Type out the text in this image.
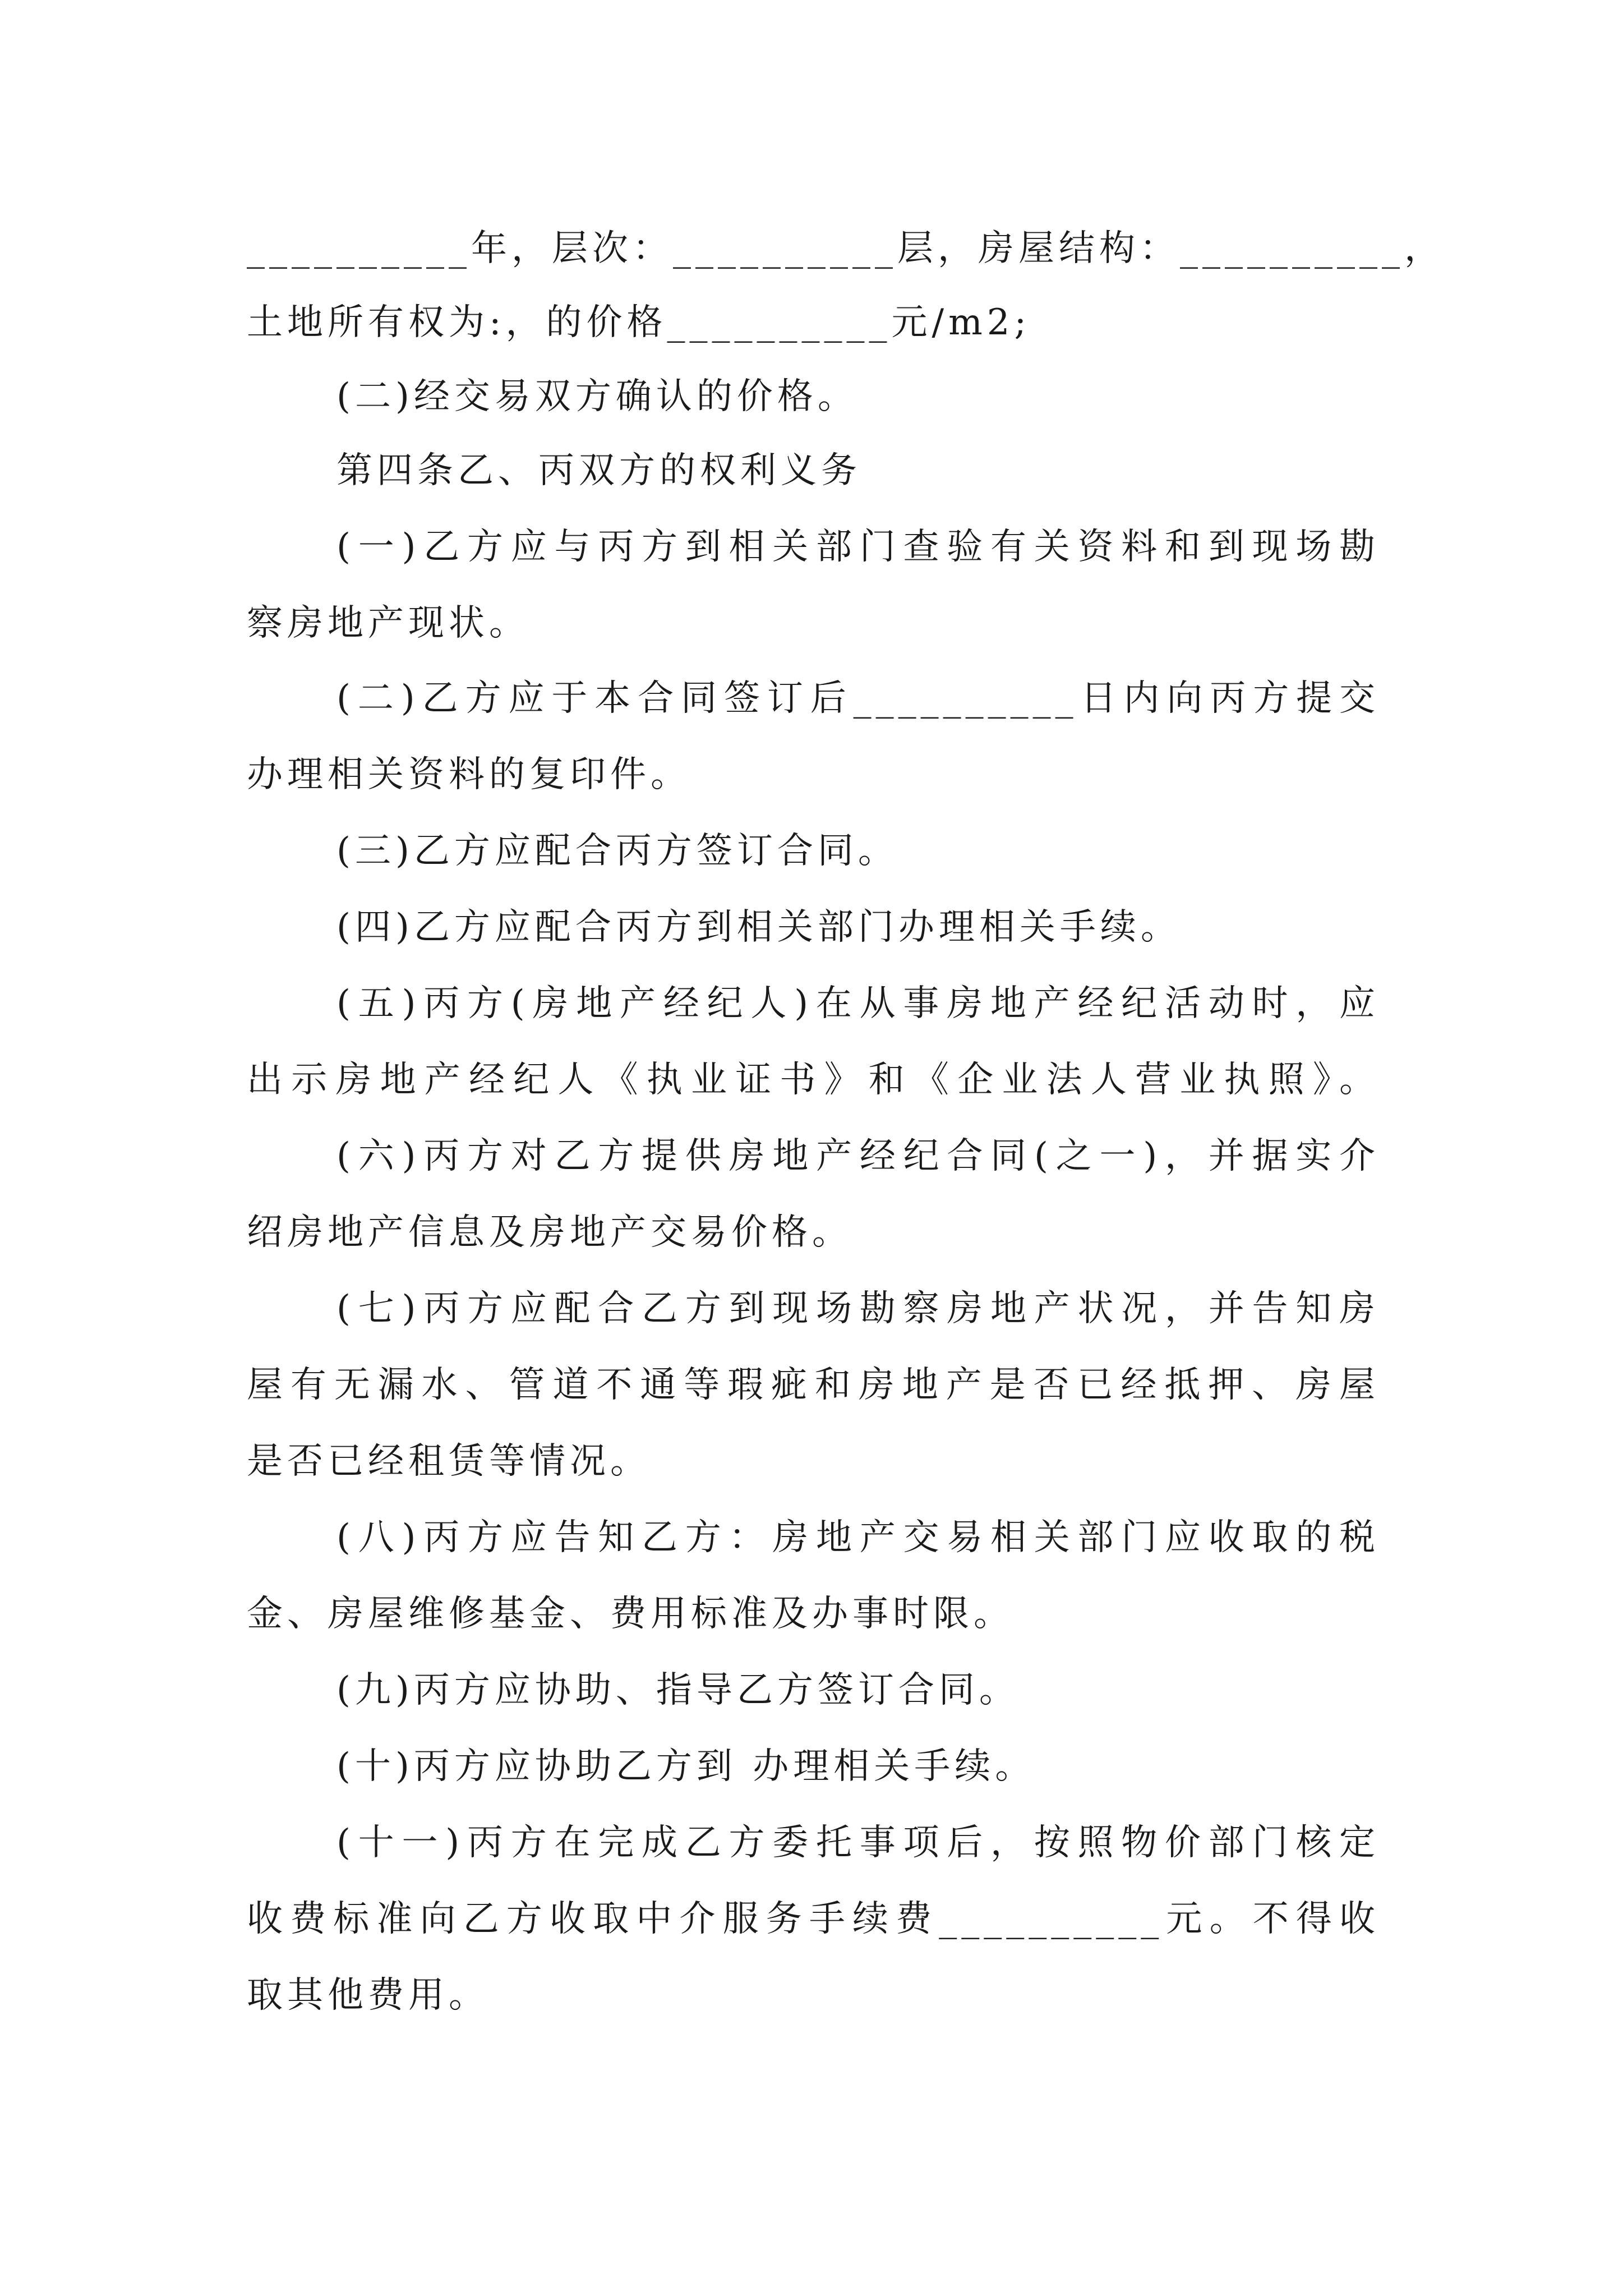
__________年，层次：__________层，房屋结构：__________，
土地所有权为:，的价格__________元/m2;
(二)经交易双方确认的价格。
第四条乙、丙双方的权利义务
(一)乙方应与丙方到相关部门查验有关资料和到现场勘
察房地产现状。
(二)乙方应于本合同签订后__________日内向丙方提交
办理相关资料的复印件。
(三)乙方应配合丙方签订合同。
(四)乙方应配合丙方到相关部门办理相关手续。
(五)丙方(房地产经纪人)在从事房地产经纪活动时，应
出示房地产经纪人《执业证书》和《企业法人营业执照》。
(六)丙方对乙方提供房地产经纪合同(之一)，并据实介
绍房地产信息及房地产交易价格。
(七)丙方应配合乙方到现场勘察房地产状况，并告知房
屋有无漏水、管道不通等瑕疵和房地产是否已经抵押、房屋
是否已经租赁等情况。
(八)丙方应告知乙方：房地产交易相关部门应收取的税
金、房屋维修基金、费用标准及办事时限。
(九)丙方应协助、指导乙方签订合同。
(十)丙方应协助乙方到 办理相关手续。
(十一)丙方在完成乙方委托事项后，按照物价部门核定
收费标准向乙方收取中介服务手续费__________元。不得收
取其他费用。
